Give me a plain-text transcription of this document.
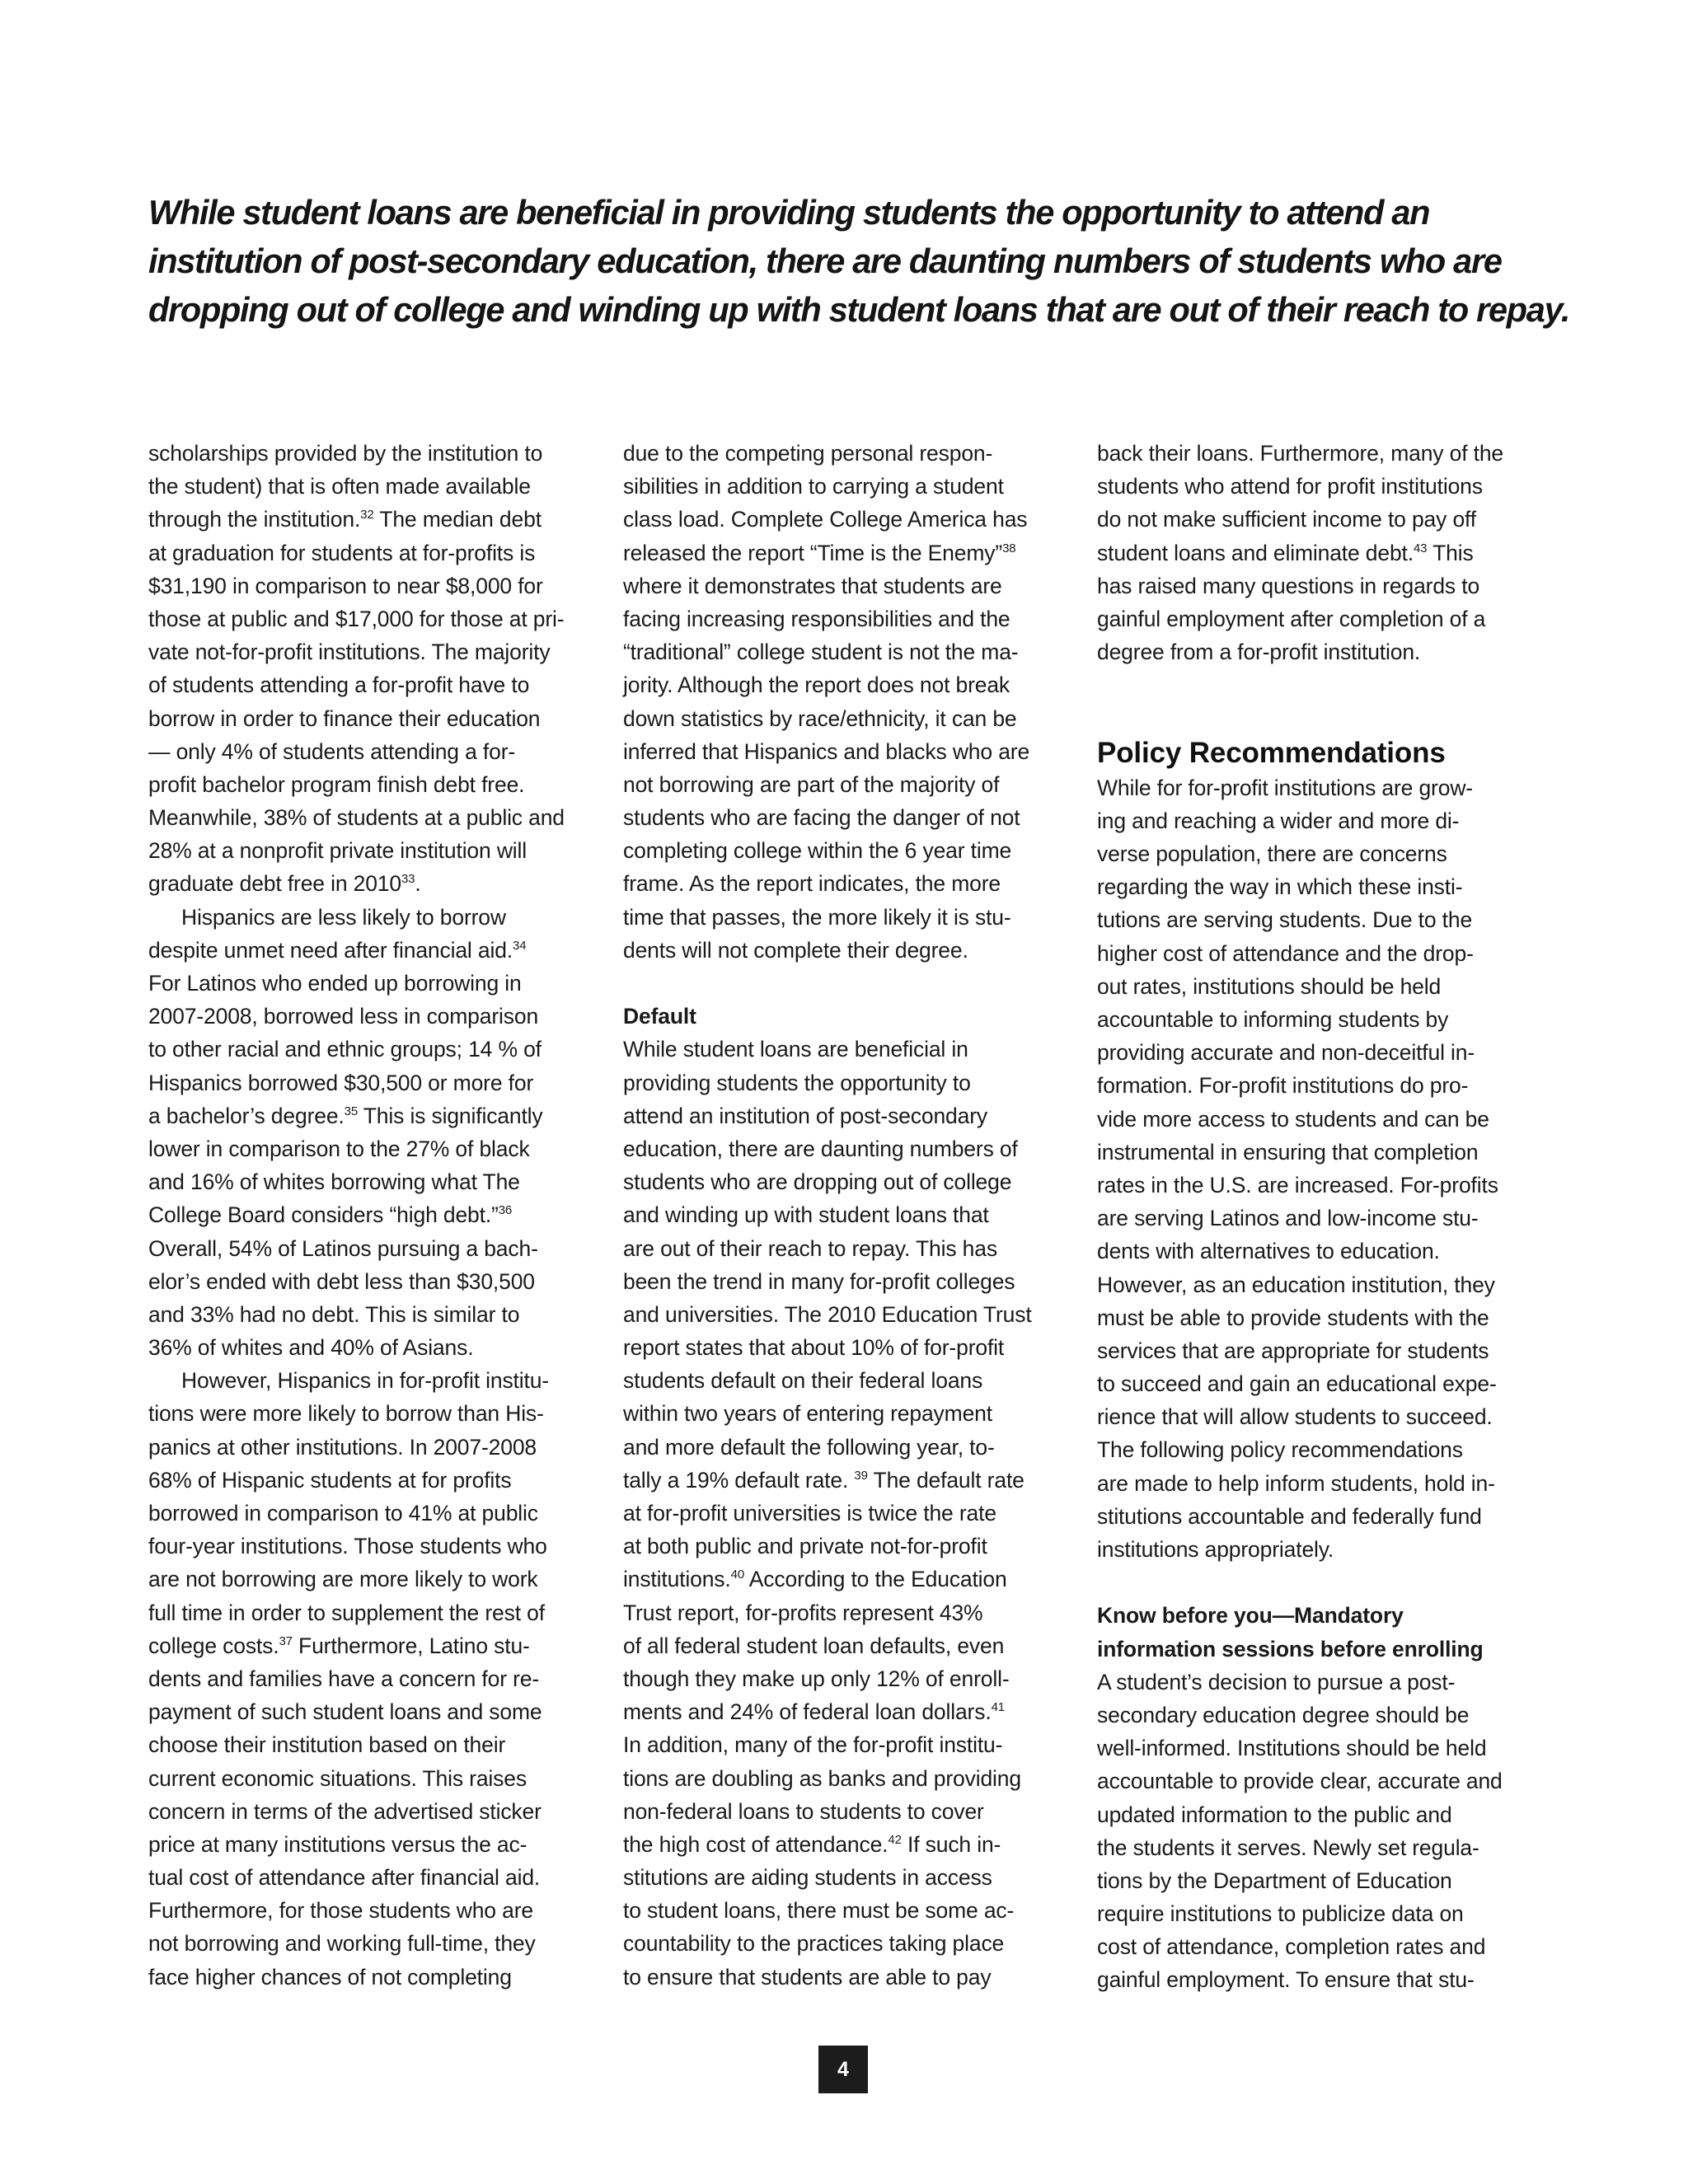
While student loans are beneficial in providing students the opportunity to attend an
institution of post-secondary education, there are daunting numbers of students who are
dropping out of college and winding up with student loans that are out of their reach to repay.
scholarships provided by the institution to
the student) that is often made available
through the institution.$^{32}$ The median debt
at graduation for students at for-profits is
$31,190 in comparison to near $8,000 for
those at public and $17,000 for those at pri-
vate not-for-profit institutions. The majority
of students attending a for-profit have to
borrow in order to finance their education
— only 4% of students attending a for-
profit bachelor program finish debt free.
Meanwhile, 38% of students at a public and
28% at a nonprofit private institution will
graduate debt free in 2010$^{33}$.
Hispanics are less likely to borrow
despite unmet need after financial aid.$^{34}$
For Latinos who ended up borrowing in
2007-2008, borrowed less in comparison
to other racial and ethnic groups; 14 % of
Hispanics borrowed $30,500 or more for
a bachelor’s degree.$^{35}$ This is significantly
lower in comparison to the 27% of black
and 16% of whites borrowing what The
College Board considers “high debt.”$^{36}$
Overall, 54% of Latinos pursuing a bach-
elor’s ended with debt less than $30,500
and 33% had no debt. This is similar to
36% of whites and 40% of Asians.
However, Hispanics in for-profit institu-
tions were more likely to borrow than His-
panics at other institutions. In 2007-2008
68% of Hispanic students at for profits
borrowed in comparison to 41% at public
four-year institutions. Those students who
are not borrowing are more likely to work
full time in order to supplement the rest of
college costs.$^{37}$ Furthermore, Latino stu-
dents and families have a concern for re-
payment of such student loans and some
choose their institution based on their
current economic situations. This raises
concern in terms of the advertised sticker
price at many institutions versus the ac-
tual cost of attendance after financial aid.
Furthermore, for those students who are
not borrowing and working full-time, they
face higher chances of not completing
due to the competing personal respon-
sibilities in addition to carrying a student
class load. Complete College America has
released the report “Time is the Enemy”$^{38}$
where it demonstrates that students are
facing increasing responsibilities and the
“traditional” college student is not the ma-
jority. Although the report does not break
down statistics by race/ethnicity, it can be
inferred that Hispanics and blacks who are
not borrowing are part of the majority of
students who are facing the danger of not
completing college within the 6 year time
frame. As the report indicates, the more
time that passes, the more likely it is stu-
dents will not complete their degree.
Default
While student loans are beneficial in
providing students the opportunity to
attend an institution of post-secondary
education, there are daunting numbers of
students who are dropping out of college
and winding up with student loans that
are out of their reach to repay. This has
been the trend in many for-profit colleges
and universities. The 2010 Education Trust
report states that about 10% of for-profit
students default on their federal loans
within two years of entering repayment
and more default the following year, to-
tally a 19% default rate. $^{39}$ The default rate
at for-profit universities is twice the rate
at both public and private not-for-profit
institutions.$^{40}$ According to the Education
Trust report, for-profits represent 43%
of all federal student loan defaults, even
though they make up only 12% of enroll-
ments and 24% of federal loan dollars.$^{41}$
In addition, many of the for-profit institu-
tions are doubling as banks and providing
non-federal loans to students to cover
the high cost of attendance.$^{42}$ If such in-
stitutions are aiding students in access
to student loans, there must be some ac-
countability to the practices taking place
to ensure that students are able to pay
back their loans. Furthermore, many of the
students who attend for profit institutions
do not make sufficient income to pay off
student loans and eliminate debt.$^{43}$ This
has raised many questions in regards to
gainful employment after completion of a
degree from a for-profit institution.
Policy Recommendations
While for for-profit institutions are grow-
ing and reaching a wider and more di-
verse population, there are concerns
regarding the way in which these insti-
tutions are serving students. Due to the
higher cost of attendance and the drop-
out rates, institutions should be held
accountable to informing students by
providing accurate and non-deceitful in-
formation. For-profit institutions do pro-
vide more access to students and can be
instrumental in ensuring that completion
rates in the U.S. are increased. For-profits
are serving Latinos and low-income stu-
dents with alternatives to education.
However, as an education institution, they
must be able to provide students with the
services that are appropriate for students
to succeed and gain an educational expe-
rience that will allow students to succeed.
The following policy recommendations
are made to help inform students, hold in-
stitutions accountable and federally fund
institutions appropriately.
Know before you—Mandatory
information sessions before enrolling
A student’s decision to pursue a post-
secondary education degree should be
well-informed. Institutions should be held
accountable to provide clear, accurate and
updated information to the public and
the students it serves. Newly set regula-
tions by the Department of Education
require institutions to publicize data on
cost of attendance, completion rates and
gainful employment. To ensure that stu-
4
